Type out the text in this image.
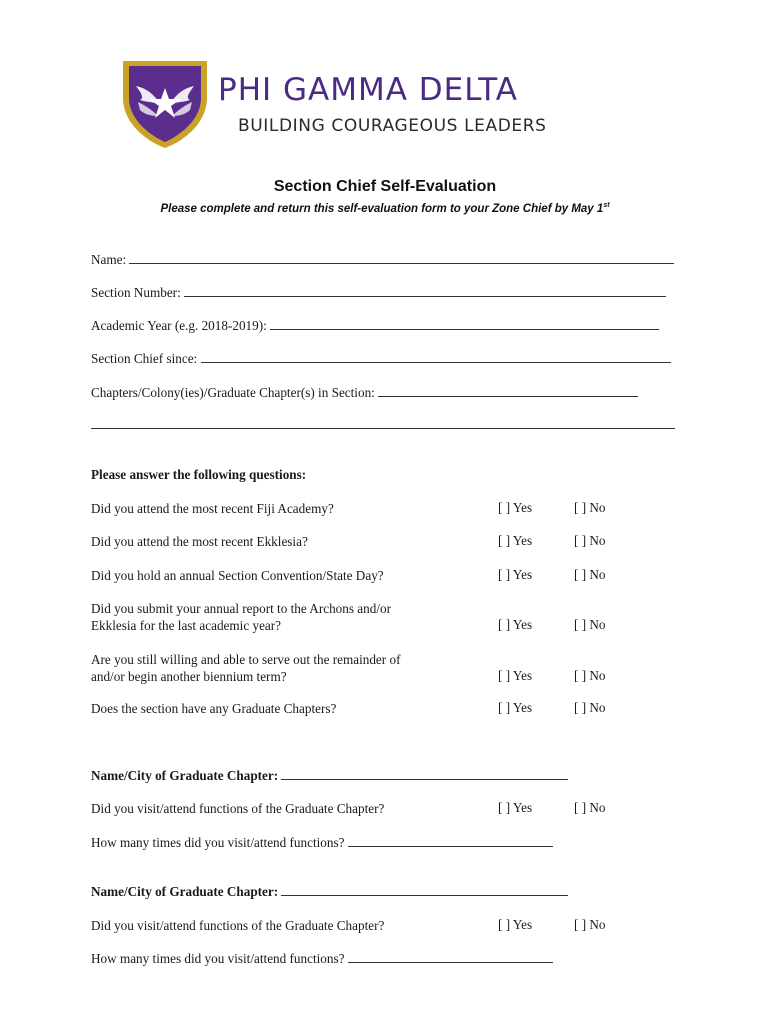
PHI GAMMA DELTA
BUILDING COURAGEOUS LEADERS
Section Chief Self-Evaluation
Please complete and return this self-evaluation form to your Zone Chief by May 1st
Name:
Section Number:
Academic Year (e.g. 2018-2019):
Section Chief since:
Chapters/Colony(ies)/Graduate Chapter(s) in Section:
Please answer the following questions:
Did you attend the most recent Fiji Academy?	[ ] Yes	[ ] No
Did you attend the most recent Ekklesia?	[ ] Yes	[ ] No
Did you hold an annual Section Convention/State Day?	[ ] Yes	[ ] No
Did you submit your annual report to the Archons and/or
Ekklesia for the last academic year?	[ ] Yes	[ ] No
Are you still willing and able to serve out the remainder of
and/or begin another biennium term?	[ ] Yes	[ ] No
Does the section have any Graduate Chapters?	[ ] Yes	[ ] No
Name/City of Graduate Chapter:
Did you visit/attend functions of the Graduate Chapter?	[ ] Yes	[ ] No
How many times did you visit/attend functions?
Name/City of Graduate Chapter:
Did you visit/attend functions of the Graduate Chapter?	[ ] Yes	[ ] No
How many times did you visit/attend functions?
